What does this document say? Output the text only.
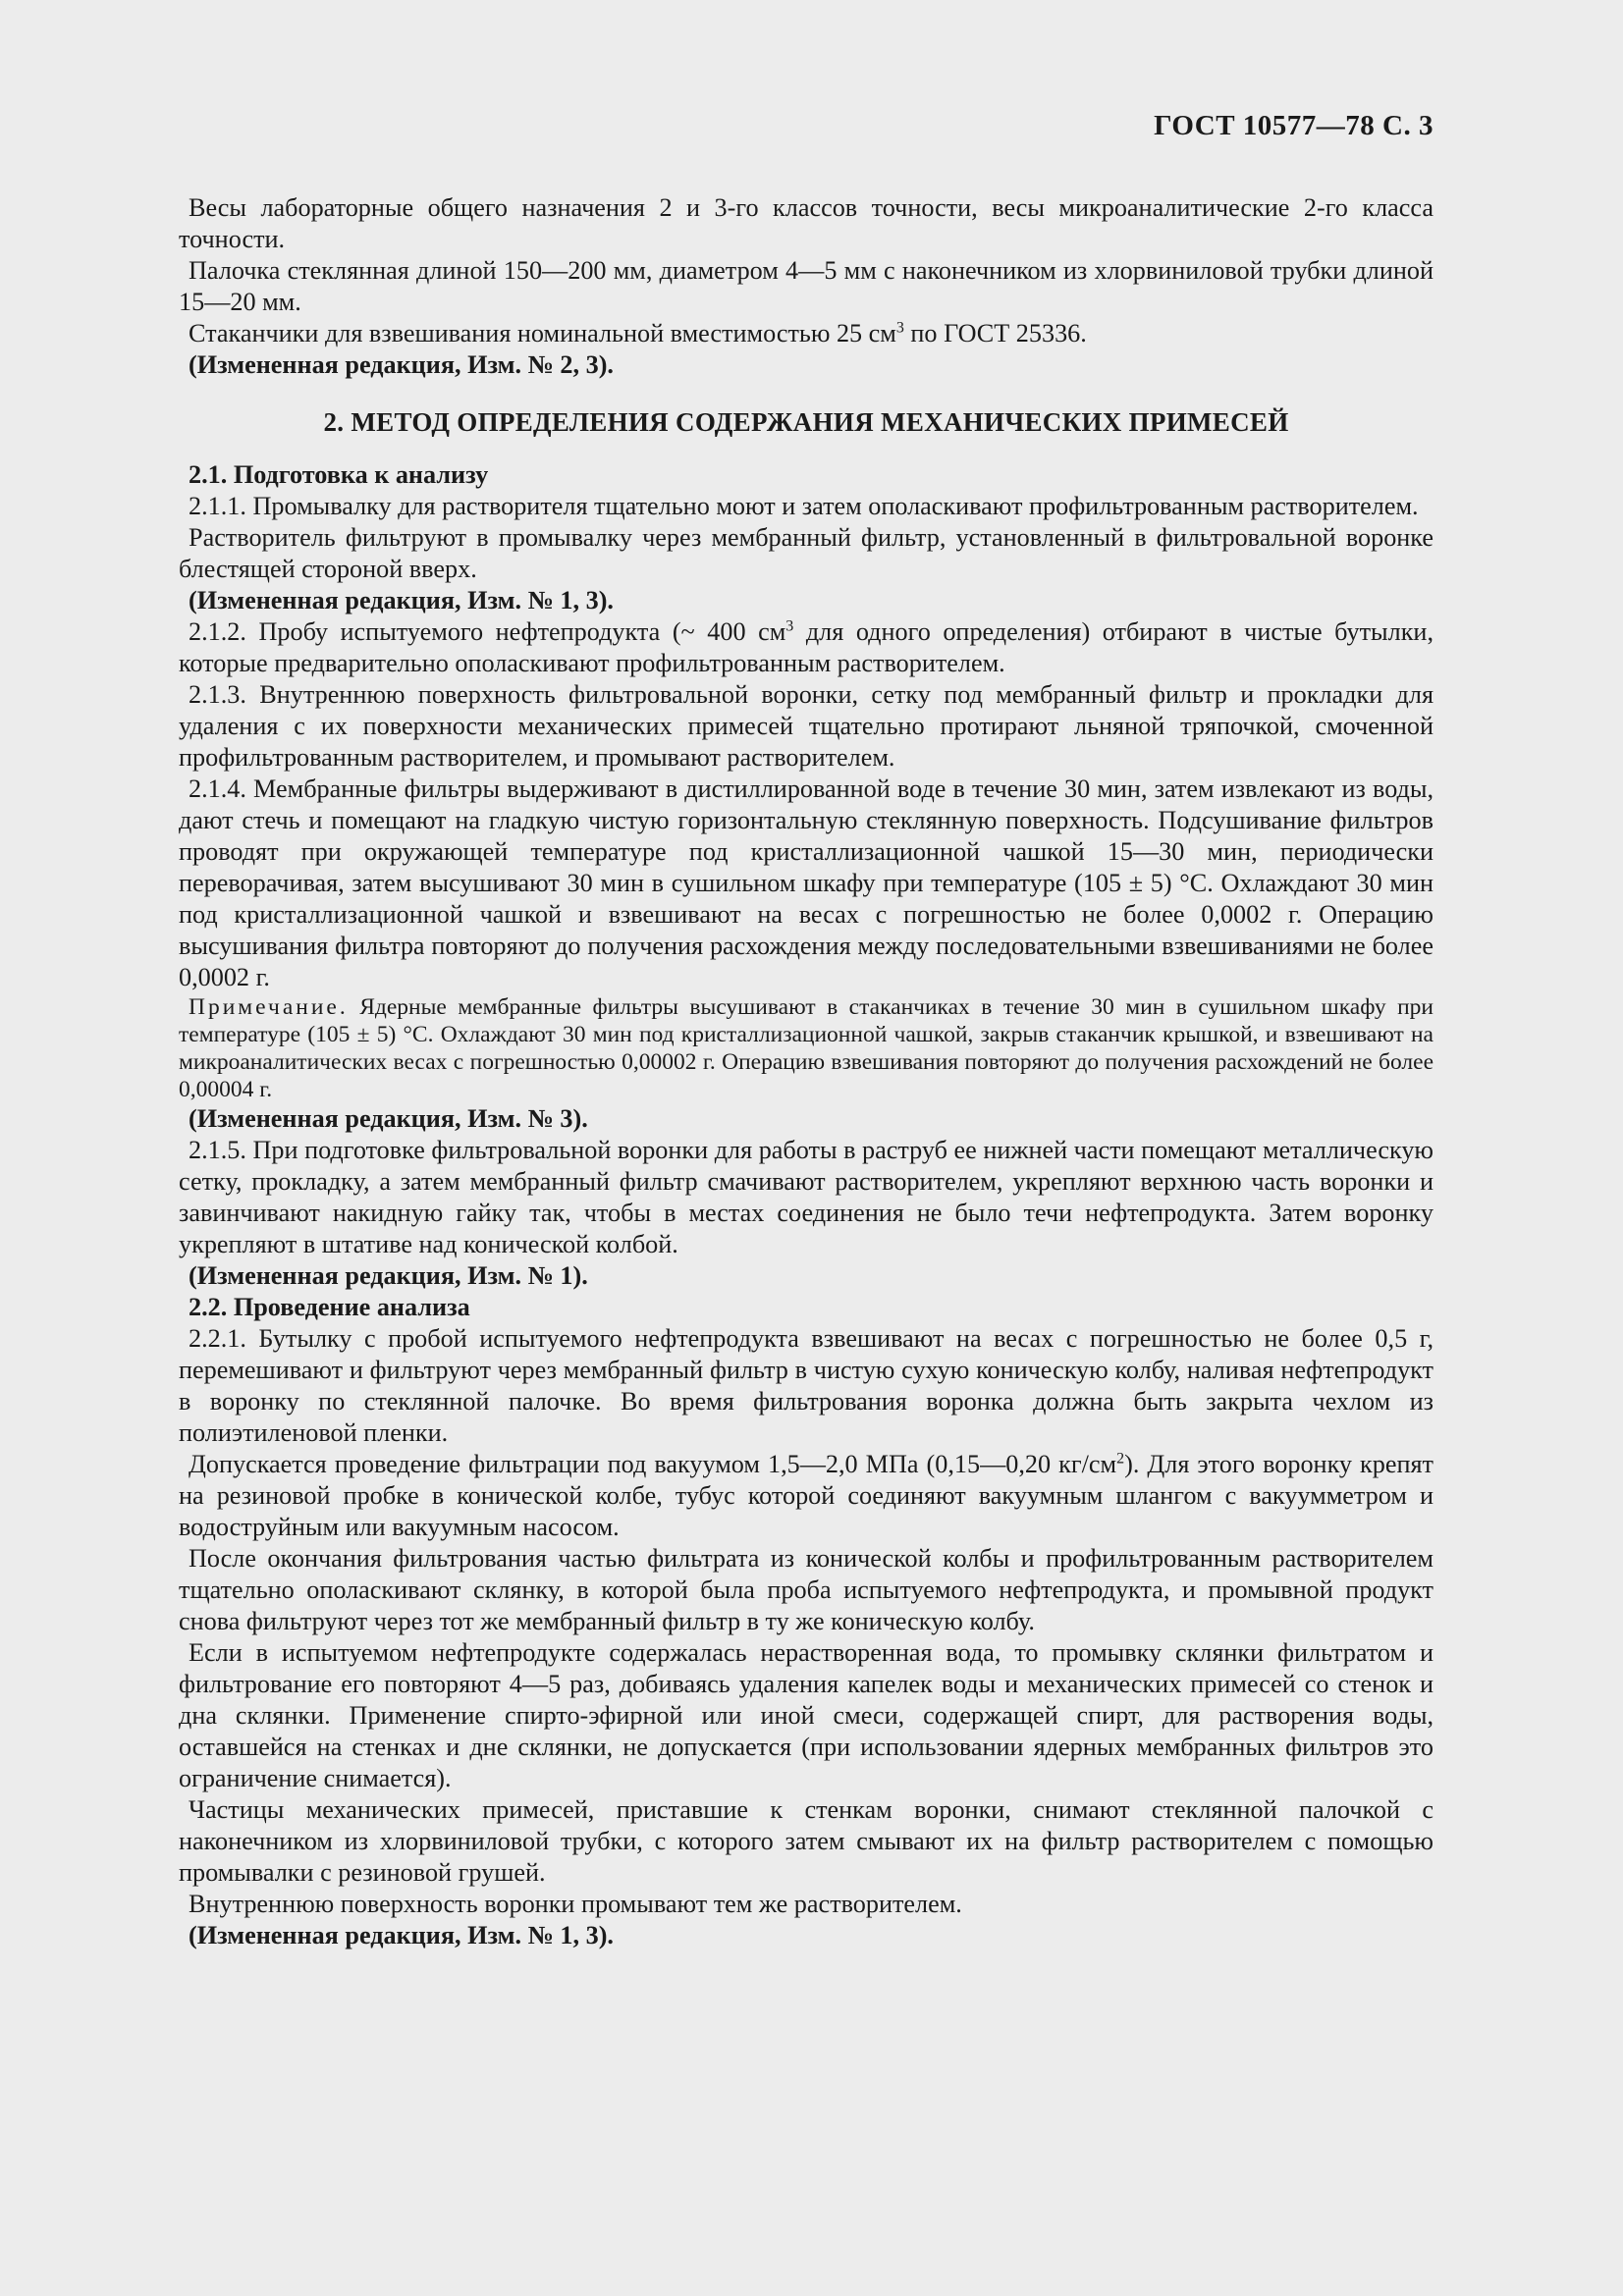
ГОСТ 10577—78 С. 3

Весы лабораторные общего назначения 2 и 3-го классов точности, весы микроаналитические 2-го класса точности.

Палочка стеклянная длиной 150—200 мм, диаметром 4—5 мм с наконечником из хлорвиниловой трубки длиной 15—20 мм.

Стаканчики для взвешивания номинальной вместимостью 25 $см^3$ по ГОСТ 25336.

(Измененная редакция, Изм. № 2, 3).

2. МЕТОД ОПРЕДЕЛЕНИЯ СОДЕРЖАНИЯ МЕХАНИЧЕСКИХ ПРИМЕСЕЙ

2.1. Подготовка к анализу

2.1.1. Промывалку для растворителя тщательно моют и затем ополаскивают профильтрованным растворителем.

Растворитель фильтруют в промывалку через мембранный фильтр, установленный в фильтровальной воронке блестящей стороной вверх.

(Измененная редакция, Изм. № 1, 3).

2.1.2. Пробу испытуемого нефтепродукта (~ 400 $см^3$ для одного определения) отбирают в чистые бутылки, которые предварительно ополаскивают профильтрованным растворителем.

2.1.3. Внутреннюю поверхность фильтровальной воронки, сетку под мембранный фильтр и прокладки для удаления с их поверхности механических примесей тщательно протирают льняной тряпочкой, смоченной профильтрованным растворителем, и промывают растворителем.

2.1.4. Мембранные фильтры выдерживают в дистиллированной воде в течение 30 мин, затем извлекают из воды, дают стечь и помещают на гладкую чистую горизонтальную стеклянную поверхность. Подсушивание фильтров проводят при окружающей температуре под кристаллизационной чашкой 15—30 мин, периодически переворачивая, затем высушивают 30 мин в сушильном шкафу при температуре (105 ± 5) °С. Охлаждают 30 мин под кристаллизационной чашкой и взвешивают на весах с погрешностью не более 0,0002 г. Операцию высушивания фильтра повторяют до получения расхождения между последовательными взвешиваниями не более 0,0002 г.

Примечание. Ядерные мембранные фильтры высушивают в стаканчиках в течение 30 мин в сушильном шкафу при температуре (105 ± 5) °С. Охлаждают 30 мин под кристаллизационной чашкой, закрыв стаканчик крышкой, и взвешивают на микроаналитических весах с погрешностью 0,00002 г. Операцию взвешивания повторяют до получения расхождений не более 0,00004 г.

(Измененная редакция, Изм. № 3).

2.1.5. При подготовке фильтровальной воронки для работы в раструб ее нижней части помещают металлическую сетку, прокладку, а затем мембранный фильтр смачивают растворителем, укрепляют верхнюю часть воронки и завинчивают накидную гайку так, чтобы в местах соединения не было течи нефтепродукта. Затем воронку укрепляют в штативе над конической колбой.

(Измененная редакция, Изм. № 1).

2.2. Проведение анализа

2.2.1. Бутылку с пробой испытуемого нефтепродукта взвешивают на весах с погрешностью не более 0,5 г, перемешивают и фильтруют через мембранный фильтр в чистую сухую коническую колбу, наливая нефтепродукт в воронку по стеклянной палочке. Во время фильтрования воронка должна быть закрыта чехлом из полиэтиленовой пленки.

Допускается проведение фильтрации под вакуумом 1,5—2,0 МПа (0,15—0,20 $кг/см^2$). Для этого воронку крепят на резиновой пробке в конической колбе, тубус которой соединяют вакуумным шлангом с вакуумметром и водоструйным или вакуумным насосом.

После окончания фильтрования частью фильтрата из конической колбы и профильтрованным растворителем тщательно ополаскивают склянку, в которой была проба испытуемого нефтепродукта, и промывной продукт снова фильтруют через тот же мембранный фильтр в ту же коническую колбу.

Если в испытуемом нефтепродукте содержалась нерастворенная вода, то промывку склянки фильтратом и фильтрование его повторяют 4—5 раз, добиваясь удаления капелек воды и механических примесей со стенок и дна склянки. Применение спирто-эфирной или иной смеси, содержащей спирт, для растворения воды, оставшейся на стенках и дне склянки, не допускается (при использовании ядерных мембранных фильтров это ограничение снимается).

Частицы механических примесей, приставшие к стенкам воронки, снимают стеклянной палочкой с наконечником из хлорвиниловой трубки, с которого затем смывают их на фильтр растворителем с помощью промывалки с резиновой грушей.

Внутреннюю поверхность воронки промывают тем же растворителем.

(Измененная редакция, Изм. № 1, 3).
